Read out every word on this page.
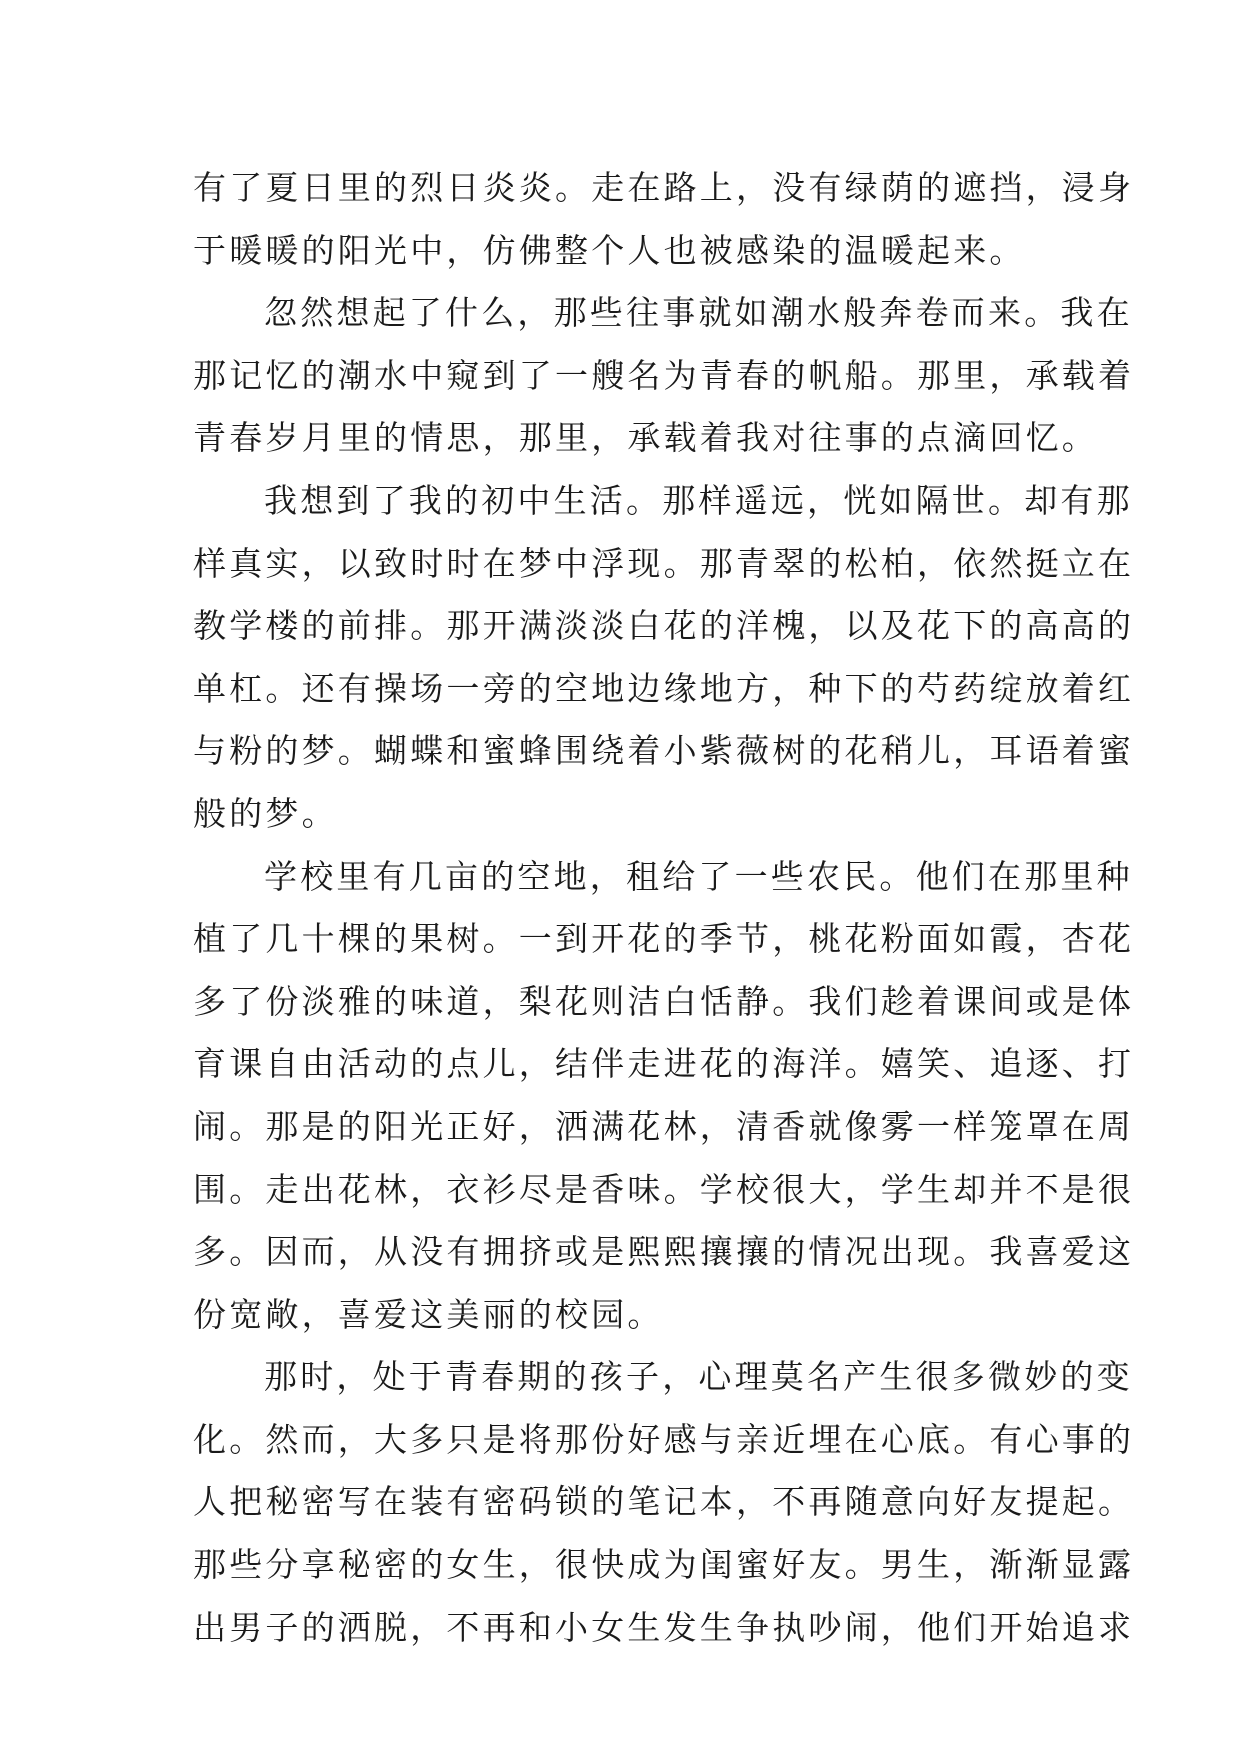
有了夏日里的烈日炎炎。走在路上，没有绿荫的遮挡，浸身
于暖暖的阳光中，仿佛整个人也被感染的温暖起来。
忽然想起了什么，那些往事就如潮水般奔卷而来。我在
那记忆的潮水中窥到了一艘名为青春的帆船。那里，承载着
青春岁月里的情思，那里，承载着我对往事的点滴回忆。
我想到了我的初中生活。那样遥远，恍如隔世。却有那
样真实，以致时时在梦中浮现。那青翠的松柏，依然挺立在
教学楼的前排。那开满淡淡白花的洋槐，以及花下的高高的
单杠。还有操场一旁的空地边缘地方，种下的芍药绽放着红
与粉的梦。蝴蝶和蜜蜂围绕着小紫薇树的花稍儿，耳语着蜜
般的梦。
学校里有几亩的空地，租给了一些农民。他们在那里种
植了几十棵的果树。一到开花的季节，桃花粉面如霞，杏花
多了份淡雅的味道，梨花则洁白恬静。我们趁着课间或是体
育课自由活动的点儿，结伴走进花的海洋。嬉笑、追逐、打
闹。那是的阳光正好，洒满花林，清香就像雾一样笼罩在周
围。走出花林，衣衫尽是香味。学校很大，学生却并不是很
多。因而，从没有拥挤或是熙熙攘攘的情况出现。我喜爱这
份宽敞，喜爱这美丽的校园。
那时，处于青春期的孩子，心理莫名产生很多微妙的变
化。然而，大多只是将那份好感与亲近埋在心底。有心事的
人把秘密写在装有密码锁的笔记本，不再随意向好友提起。
那些分享秘密的女生，很快成为闺蜜好友。男生，渐渐显露
出男子的洒脱，不再和小女生发生争执吵闹，他们开始追求
